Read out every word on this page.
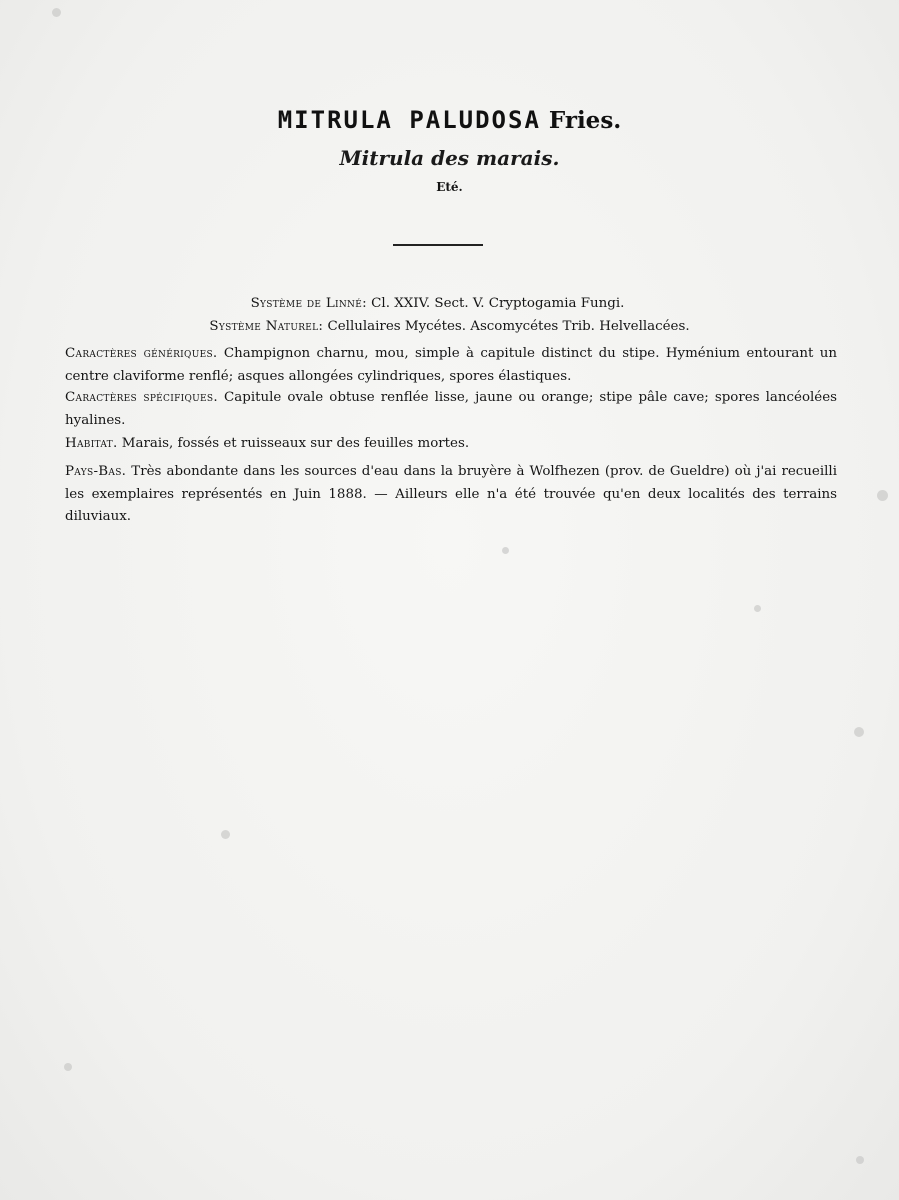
MITRULA PALUDOSA Fries.
Mitrula des marais.
Eté.
Système de Linné: Cl. XXIV. Sect. V. Cryptogamia Fungi.
Système Naturel: Cellulaires Mycétes. Ascomycétes Trib. Helvellacées.
Caractères génériques. Champignon charnu, mou, simple à capitule distinct du stipe. Hyménium entourant un centre claviforme renflé; asques allongées cylindriques, spores élastiques.
Caractères spécifiques. Capitule ovale obtuse renflée lisse, jaune ou orange; stipe pâle cave; spores lancéolées hyalines.
Habitat. Marais, fossés et ruisseaux sur des feuilles mortes.
Pays-Bas. Très abondante dans les sources d'eau dans la bruyère à Wolfhezen (prov. de Gueldre) où j'ai recueilli les exemplaires représentés en Juin 1888. — Ailleurs elle n'a été trouvée qu'en deux localités des terrains diluviaux.
